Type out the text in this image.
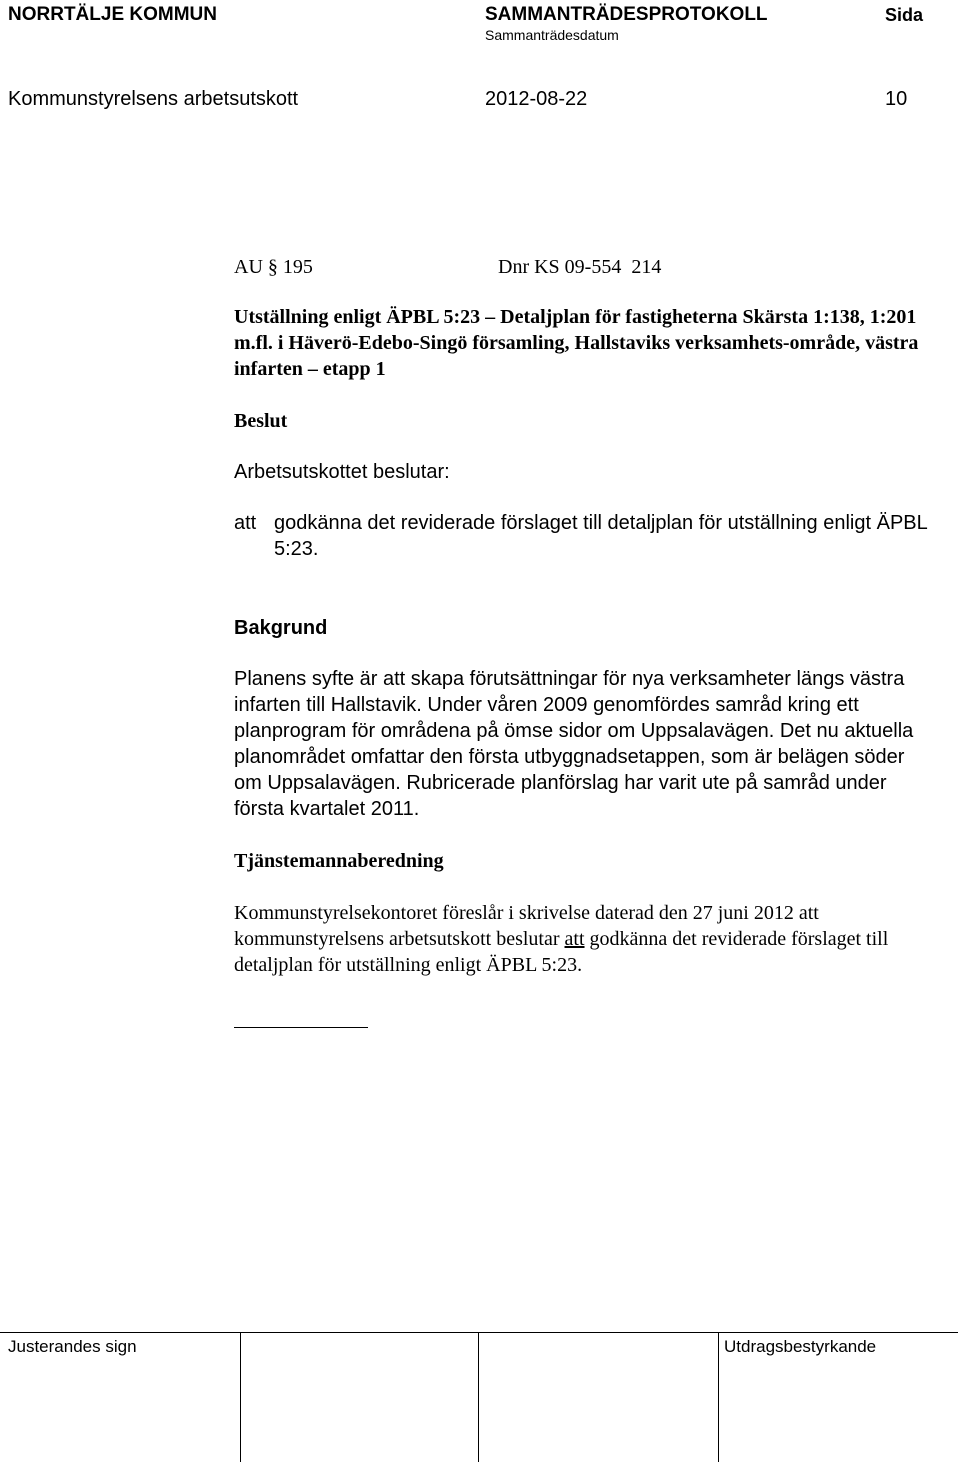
NORRTÄLJE KOMMUN	SAMMANTRÄDESPROTOKOLL	Sida
Sammanträdesdatum
Kommunstyrelsens arbetsutskott	2012-08-22	10
AU § 195	Dnr KS 09-554  214
Utställning enligt ÄPBL 5:23 – Detaljplan för fastigheterna Skärsta 1:138, 1:201 m.fl. i Häverö-Edebo-Singö församling, Hallstaviks verksamhets-område, västra infarten – etapp 1
Beslut
Arbetsutskottet beslutar:
att godkänna det reviderade förslaget till detaljplan för utställning enligt ÄPBL 5:23.
Bakgrund
Planens syfte är att skapa förutsättningar för nya verksamheter längs västra infarten till Hallstavik. Under våren 2009 genomfördes samråd kring ett planprogram för områdena på ömse sidor om Uppsalavägen. Det nu aktuella planområdet omfattar den första utbyggnadsetappen, som är belägen söder om Uppsalavägen. Rubricerade planförslag har varit ute på samråd under första kvartalet 2011.
Tjänstemannaberedning
Kommunstyrelsekontoret föreslår i skrivelse daterad den 27 juni 2012 att kommunstyrelsens arbetsutskott beslutar att godkänna det reviderade förslaget till detaljplan för utställning enligt ÄPBL 5:23.
Justerandes sign	Utdragsbestyrkande
